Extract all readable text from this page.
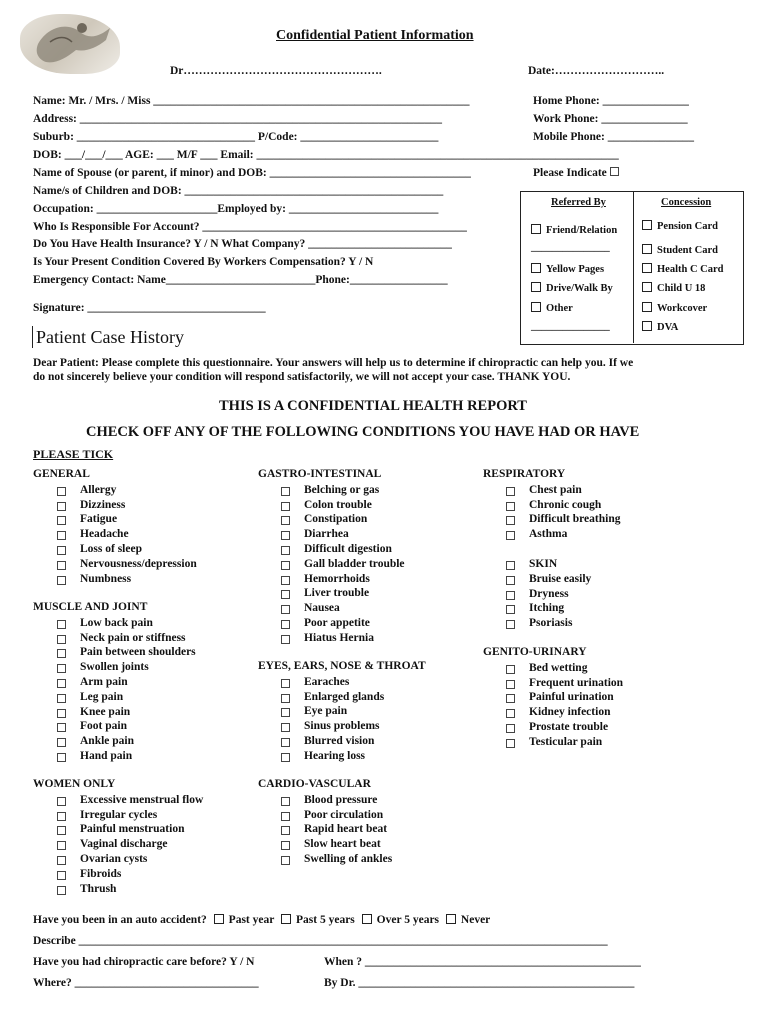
Confidential Patient Information
Dr…………………………………………….	Date:………………………..
Name: Mr. / Mrs. / Miss _______________________________________________________	Home Phone: _______________
Address: _______________________________________________________________	Work Phone: _______________
Suburb: _______________________________ P/Code: ________________________	Mobile Phone: _______________
DOB: ___/___/___ AGE: ___ M/F ___ Email: _______________________________________________________________
Name of Spouse (or parent, if minor) and DOB: ___________________________________	Please Indicate
Name/s of Children and DOB: _____________________________________________
Occupation: _____________________Employed by: __________________________
Who Is Responsible For Account? ______________________________________________
Do You Have Health Insurance? Y / N What Company? _________________________
Is Your Present Condition Covered By Workers Compensation? Y / N
Emergency Contact: Name__________________________Phone:_________________
Signature: _______________________________
Referred By	Concession
Friend/Relation
_______________
Yellow Pages
Drive/Walk By
Other
_______________
Pension Card
Student Card
Health C Card
Child U 18
Workcover
DVA
Patient Case History
Dear Patient: Please complete this questionnaire. Your answers will help us to determine if chiropractic can help you. If we
do not sincerely believe your condition will respond satisfactorily, we will not accept your case. THANK YOU.
THIS IS A CONFIDENTIAL HEALTH REPORT
CHECK OFF ANY OF THE FOLLOWING CONDITIONS YOU HAVE HAD OR HAVE
PLEASE TICK
GENERAL
Allergy
Dizziness
Fatigue
Headache
Loss of sleep
Nervousness/depression
Numbness
MUSCLE AND JOINT
Low back pain
Neck pain or stiffness
Pain between shoulders
Swollen joints
Arm pain
Leg pain
Knee pain
Foot pain
Ankle pain
Hand pain
WOMEN ONLY
Excessive menstrual flow
Irregular cycles
Painful menstruation
Vaginal discharge
Ovarian cysts
Fibroids
Thrush
GASTRO-INTESTINAL
Belching or gas
Colon trouble
Constipation
Diarrhea
Difficult digestion
Gall bladder trouble
Hemorrhoids
Liver trouble
Nausea
Poor appetite
Hiatus Hernia
EYES, EARS, NOSE & THROAT
Earaches
Enlarged glands
Eye pain
Sinus problems
Blurred vision
Hearing loss
CARDIO-VASCULAR
Blood pressure
Poor circulation
Rapid heart beat
Slow heart beat
Swelling of ankles
RESPIRATORY
Chest pain
Chronic cough
Difficult breathing
Asthma
SKIN
Bruise easily
Dryness
Itching
Psoriasis
GENITO-URINARY
Bed wetting
Frequent urination
Painful urination
Kidney infection
Prostate trouble
Testicular pain
Have you been in an auto accident? Past year Past 5 years Over 5 years Never
Describe ____________________________________________________________________________________________
Have you had chiropractic care before? Y / N	When ? ________________________________________________
Where? ________________________________	By Dr. ________________________________________________
